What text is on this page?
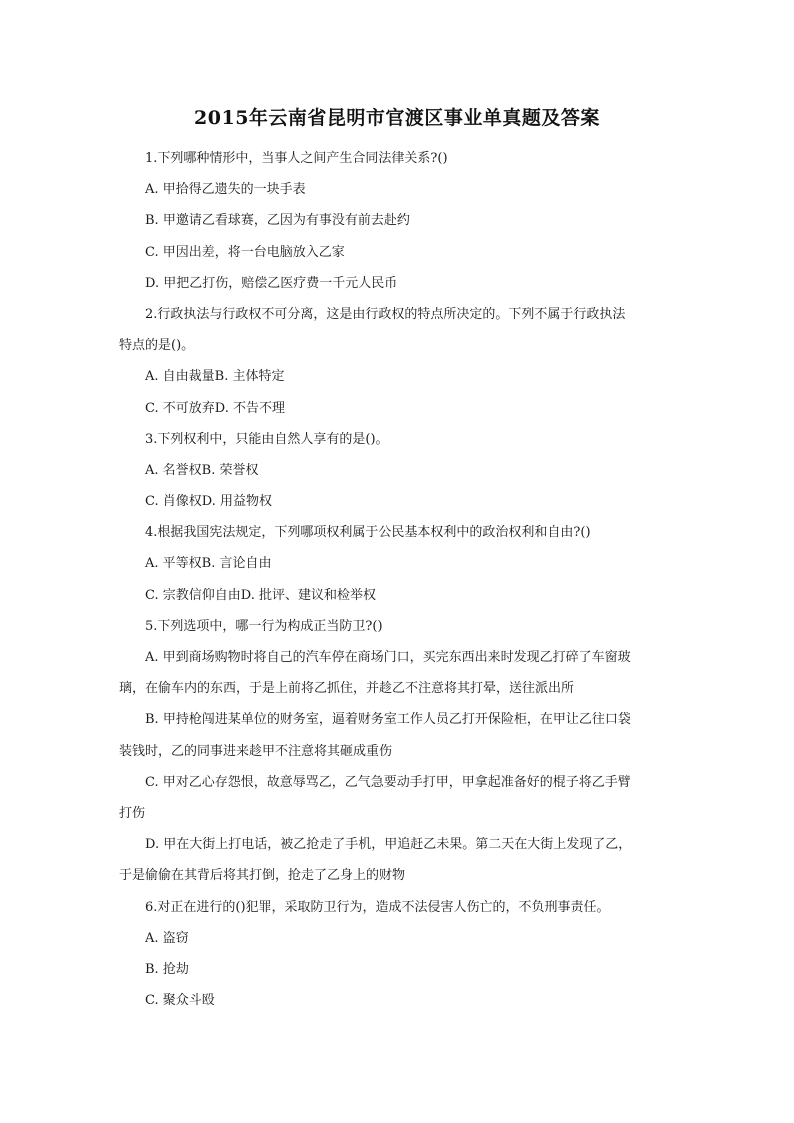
2015年云南省昆明市官渡区事业单真题及答案
1.下列哪种情形中，当事人之间产生合同法律关系?()
A. 甲拾得乙遗失的一块手表
B. 甲邀请乙看球赛，乙因为有事没有前去赴约
C. 甲因出差，将一台电脑放入乙家
D. 甲把乙打伤，赔偿乙医疗费一千元人民币
2.行政执法与行政权不可分离，这是由行政权的特点所决定的。下列不属于行政执法
特点的是()。
A. 自由裁量B. 主体特定
C. 不可放弃D. 不告不理
3.下列权利中，只能由自然人享有的是()。
A. 名誉权B. 荣誉权
C. 肖像权D. 用益物权
4.根据我国宪法规定，下列哪项权利属于公民基本权利中的政治权利和自由?()
A. 平等权B. 言论自由
C. 宗教信仰自由D. 批评、建议和检举权
5.下列选项中，哪一行为构成正当防卫?()
A. 甲到商场购物时将自己的汽车停在商场门口，买完东西出来时发现乙打碎了车窗玻
璃，在偷车内的东西，于是上前将乙抓住，并趁乙不注意将其打晕，送往派出所
B. 甲持枪闯进某单位的财务室，逼着财务室工作人员乙打开保险柜，在甲让乙往口袋
装钱时，乙的同事进来趁甲不注意将其砸成重伤
C. 甲对乙心存怨恨，故意辱骂乙，乙气急要动手打甲，甲拿起准备好的棍子将乙手臂
打伤
D. 甲在大街上打电话，被乙抢走了手机，甲追赶乙未果。第二天在大街上发现了乙，
于是偷偷在其背后将其打倒，抢走了乙身上的财物
6.对正在进行的()犯罪，采取防卫行为，造成不法侵害人伤亡的，不负刑事责任。
A. 盗窃
B. 抢劫
C. 聚众斗殴
